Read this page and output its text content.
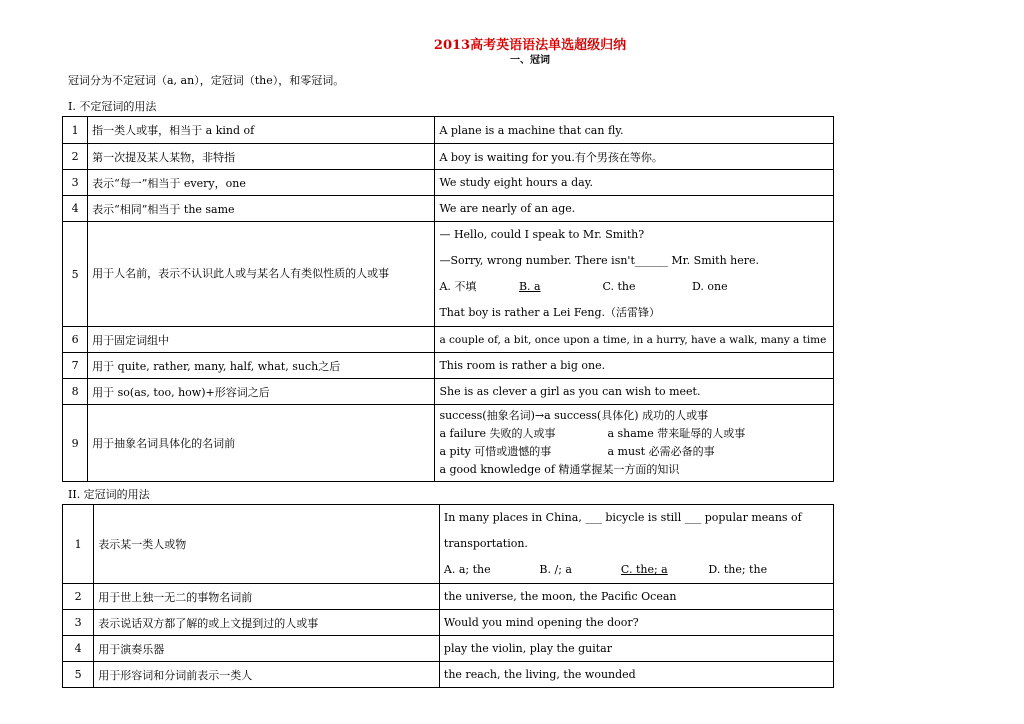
2013高考英语语法单选超级归纳
一、冠词
冠词分为不定冠词（a, an），定冠词（the），和零冠词。
I. 不定冠词的用法
1	指一类人或事，相当于 a kind of	A plane is a machine that can fly.
2	第一次提及某人某物，非特指	A boy is waiting for you.有个男孩在等你。
3	表示“每一”相当于 every，one	We study eight hours a day.
4	表示“相同”相当于 the same	We are nearly of an age.
5	用于人名前，表示不认识此人或与某名人有类似性质的人或事	— Hello, could I speak to Mr. Smith?
—Sorry, wrong number. There isn't______ Mr. Smith here.
A. 不填 B. a C. the D. one
That boy is rather a Lei Feng.（活雷锋）

6	用于固定词组中	a couple of, a bit, once upon a time, in a hurry, have a walk, many a time
7	用于 quite, rather, many, half, what, such之后	This room is rather a big one.
8	用于 so(as, too, how)+形容词之后	She is as clever a girl as you can wish to meet.
9	用于抽象名词具体化的名词前	success(抽象名词)→a success(具体化) 成功的人或事
a failure 失败的人或事 a shame 带来耻辱的人或事
a pity 可惜或遗憾的事 a must 必需必备的事
a good knowledge of 精通掌握某一方面的知识
II. 定冠词的用法
1	表示某一类人或物	In many places in China, ___ bicycle is still ___ popular means of
transportation.
A. a; the B. /; a C. the; a D. the; the

2	用于世上独一无二的事物名词前	the universe, the moon, the Pacific Ocean
3	表示说话双方都了解的或上文提到过的人或事	Would you mind opening the door?
4	用于演奏乐器	play the violin, play the guitar
5	用于形容词和分词前表示一类人	the reach, the living, the wounded
